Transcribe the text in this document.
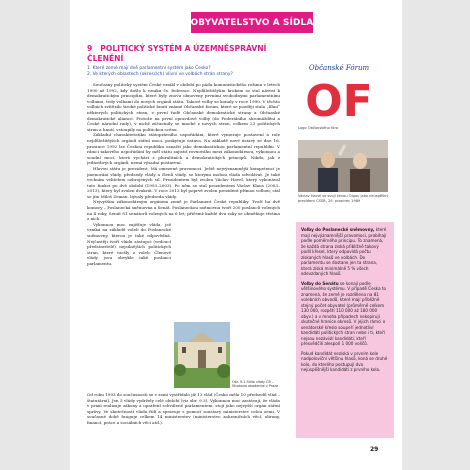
OBYVATELSTVO A SÍDLA
9 POLITICKÝ SYSTÉM A ÚZEMNĚSPRÁVNÍ ČLENĚNÍ
1. Které zemé mají dvě parlamentní systém jako Česko?
2. Ve kterých oblastech (okrescích) vlivní ve volbách strán strany?

Současný politický systém České vznikl v období po pádu komunistického režimu v letech 1990 až 1992, kdy došlo k vzniku čs. federace. Nejdůležitějším krokem se stal návrat k demokratickým principům, které byly znovu obnoveny prvními svobodnými parlamentními volbami, tedy volbami do nových orgánů státu. Takové volby se konaly v roce 1990. V těchto volbách zvítězilo široké politické hnutí známé Občanské forum, které se později stalo „líhní“ některých politických stran, v první řadě Občanské demokratické strany a Občanské demokratické aliance. Protože na první opravdové volby (do Federálního shromáždění a České národní rady), v nichž zúčastnily se mnohé z nových stran, celkem 23 politických stran a hnutí, vstoupily na politickou scénu.

Základní charakteristiku státoprávního uspořádání, které vymezuje postavení a role nejdůležitějších orgánů státní moci, poskytuje ústava. Na základě nové ústavy ze dne 16. prosince 1992 lze Českou republiku označit jako demokratickou parlamentní republiku. V rámci takového uspořádání by měl státu zajistit rovnováhu mezi zákonodárnou, výkonnou a soudní mocí, která vychází z pluralitních a demokratických principů. Nikdo, jak z jednotlivých orgánů, nemá výsadní postavení.

Hlavou státu je prezident. Má omezené pravomoci. Ještě nejvýznamnější kompetencí je jmenování vlády, předsedy vlády a členů vlády, se kterými mohou vláda odvolávat. Je také vrchním velitelem ozbrojených sil. Prezidentem byl zvolen Václav Havel, který vykonával tuto funkci po dvě období (1993–2003). Po něm se stal prezidentem Václav Klaus (2003–2013), který byl zvolen dvakrát. V roce 2013 byl poprvé zvolen prezident přímou volbou; stal se jím Miloš Zeman, bývalý předseda vlády.

Nejvyšším zákonodárným orgánem země je Parlament České republiky. Tvoří ho dvě komory – Poslanecká sněmovna a Senát. Poslaneckou sněmovnu tvoří 200 poslanců volených na 4 roky, Senát 81 senátorů volených na 6 let; přičemž každé dva roky se obměňuje třetina z nich.

Výkonnou moc zajišťuje vláda, jež vzniká na základě voleb do Poslanecké sněmovny, kterou je také odpovědná. Nejčastěji tvoří vládu zástupci (vedoucí představitelé) nejsilnějších politických stran, které vzešly z voleb. Členové vlády jsou obvykle také poslanci parlamentu.

Obr. 9.1 Sídlo vlády ČR – Strakova akademie v Praze
Od roku 1993 do současnosti se v zemi vystřídalo již 13 vlád (Česko měla 10 předsedů vlád – štatutární). Jen 5 vlády vydržely celé období (viz obr. 9.3). Výkonnou moc zastávají, že vláda v praxi realizuje zákony a opatření schválené parlamentem, stojí jako nejvyšší orgán státní správy. Ve skutečnosti vláda řídí a spravuje s pomocí soustavy ministerstev celou zemi. V současné době funguje celkem 14 ministerstev (ministerstvo zahraničních věcí, obrany, financí, práce a sociálních věcí atd.).
Občanské Fórum
OF
Logo Občanského fóra
Václav Havel se svojí ženou Olgou jako neúspěšný prezident ČSSR, 29. prosinec 1989

Volby do Poslanecké sněmovny, které mají nejvýznamnější pravomoci, probíhají podle poměrného principu. To znamená, že každá strana získá přiblížně takový podíl křesel, který odpovídá počtu získaných hlasů ve volbách. Do parlamentu se dostane jen ta strana, která získá minimálně 5 % všech odevzdaných hlasů.

Volby do Senátu se konají podle většinového systému. V případě Česka to znamená, že země je rozdělena na 81 volebních obvodů, které mají přibližně stejný počet obyvatel (průměrně celkem 130 000, rozpětí 110 000 až 180 000 obyv.) a v mnoha případech nekopírují skutečné hranice okresů. V jejich rámci o senátorské křeslo soupeří jednotliví kandidáti politických stran nebo i ti, kteří nejsou nezávislí kandidáti, kteří přesvědčili alespoň 1 000 voličů.

Pokud kandidát nezíská v prvním kole nadpoloviční většinu hlasů, koná se druhé kolo, do kterého postupují dva nejúspěšnější kandidáti z prvního kola.

29
